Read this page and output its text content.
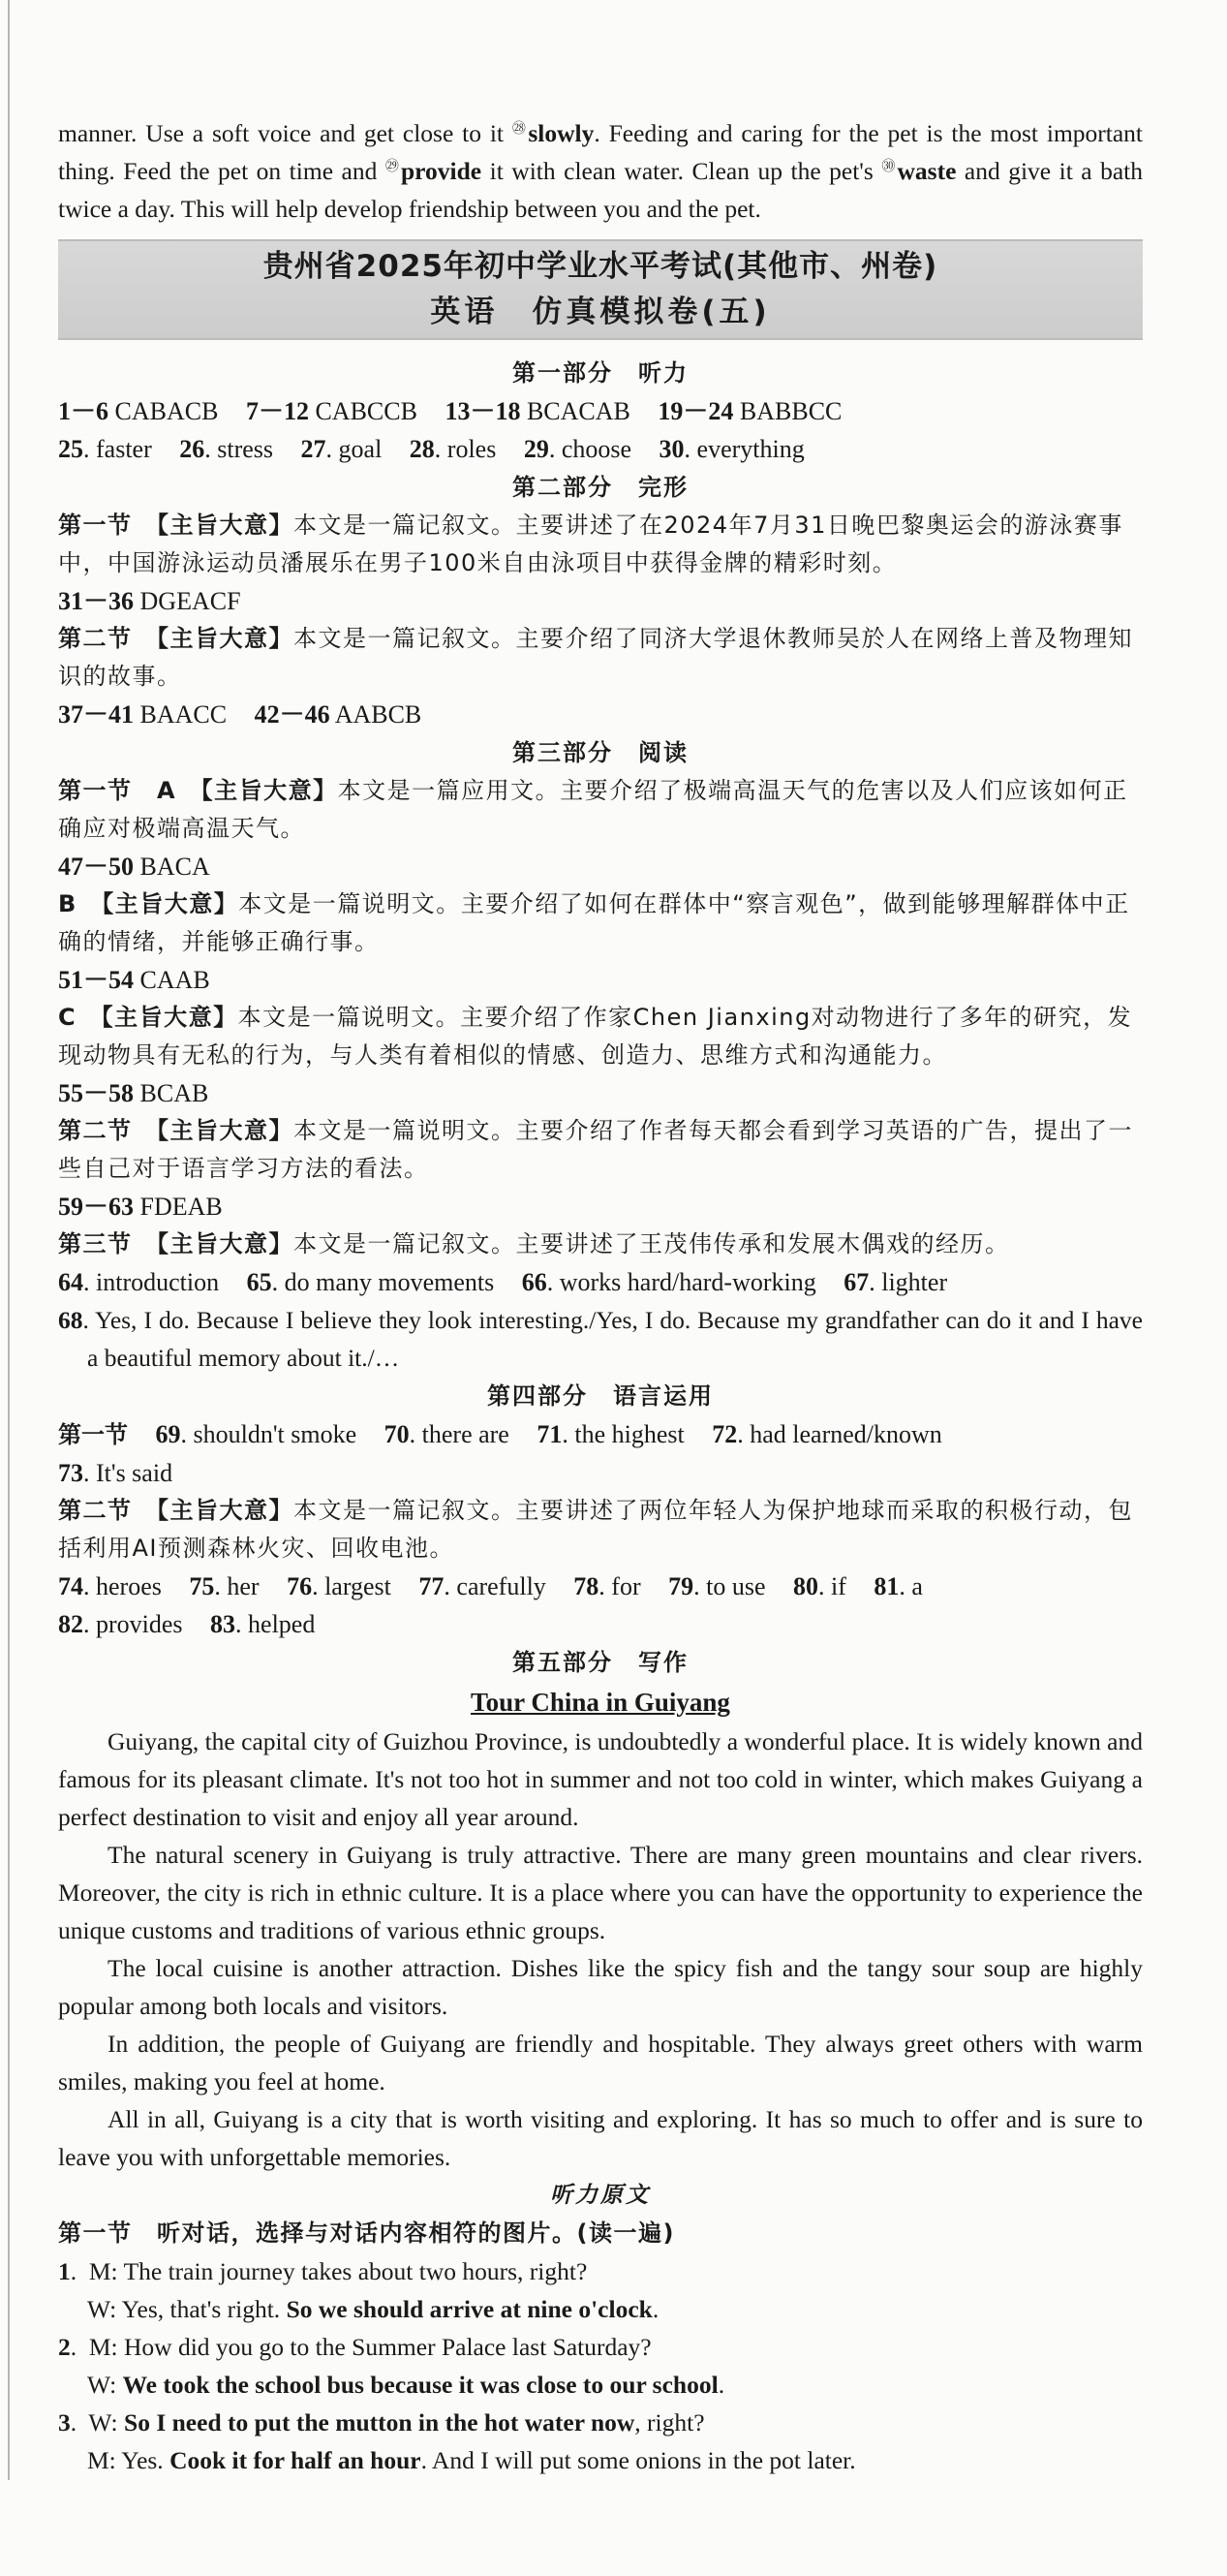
manner. Use a soft voice and get close to it $^㉘$slowly. Feeding and caring for the pet is the most important thing. Feed the pet on time and $^㉙$provide it with clean water. Clean up the pet's $^㉚$waste and give it a bath twice a day. This will help develop friendship between you and the pet.

贵州省2025年初中学业水平考试(其他市、州卷)
英语　仿真模拟卷(五)
第一部分　听力

1－6 CABACB 7－12 CABCCB 13－18 BCACAB 19－24 BABBCC

25. faster 26. stress 27. goal 28. roles 29. choose 30. everything

第二部分　完形

第一节　【主旨大意】本文是一篇记叙文。主要讲述了在2024年7月31日晚巴黎奥运会的游泳赛事中，中国游泳运动员潘展乐在男子100米自由泳项目中获得金牌的精彩时刻。

31－36 DGEACF

第二节　【主旨大意】本文是一篇记叙文。主要介绍了同济大学退休教师吴於人在网络上普及物理知识的故事。

37－41 BAACC 42－46 AABCB

第三部分　阅读

第一节　A　【主旨大意】本文是一篇应用文。主要介绍了极端高温天气的危害以及人们应该如何正确应对极端高温天气。

47－50 BACA

B　【主旨大意】本文是一篇说明文。主要介绍了如何在群体中“察言观色”，做到能够理解群体中正确的情绪，并能够正确行事。

51－54 CAAB

C　【主旨大意】本文是一篇说明文。主要介绍了作家Chen Jianxing对动物进行了多年的研究，发现动物具有无私的行为，与人类有着相似的情感、创造力、思维方式和沟通能力。

55－58 BCAB

第二节　【主旨大意】本文是一篇说明文。主要介绍了作者每天都会看到学习英语的广告，提出了一些自己对于语言学习方法的看法。

59－63 FDEAB

第三节　【主旨大意】本文是一篇记叙文。主要讲述了王茂伟传承和发展木偶戏的经历。

64. introduction 65. do many movements 66. works hard/hard-working 67. lighter

68. Yes, I do. Because I believe they look interesting./Yes, I do. Because my grandfather can do it and I have a beautiful memory about it./…

第四部分　语言运用

第一节 69. shouldn't smoke 70. there are 71. the highest 72. had learned/known

73. It's said

第二节　【主旨大意】本文是一篇记叙文。主要讲述了两位年轻人为保护地球而采取的积极行动，包括利用AI预测森林火灾、回收电池。

74. heroes 75. her 76. largest 77. carefully 78. for 79. to use 80. if 81. a

82. provides 83. helped

第五部分　写作
Tour China in Guiyang

Guiyang, the capital city of Guizhou Province, is undoubtedly a wonderful place. It is widely known and famous for its pleasant climate. It's not too hot in summer and not too cold in winter, which makes Guiyang a perfect destination to visit and enjoy all year around.

The natural scenery in Guiyang is truly attractive. There are many green mountains and clear rivers. Moreover, the city is rich in ethnic culture. It is a place where you can have the opportunity to experience the unique customs and traditions of various ethnic groups.

The local cuisine is another attraction. Dishes like the spicy fish and the tangy sour soup are highly popular among both locals and visitors.

In addition, the people of Guiyang are friendly and hospitable. They always greet others with warm smiles, making you feel at home.

All in all, Guiyang is a city that is worth visiting and exploring. It has so much to offer and is sure to leave you with unforgettable memories.

听力原文

第一节　听对话，选择与对话内容相符的图片。(读一遍)

1.  M: The train journey takes about two hours, right?

W: Yes, that's right. So we should arrive at nine o'clock.

2.  M: How did you go to the Summer Palace last Saturday?

W: We took the school bus because it was close to our school.

3.  W: So I need to put the mutton in the hot water now, right?

M: Yes. Cook it for half an hour. And I will put some onions in the pot later.
